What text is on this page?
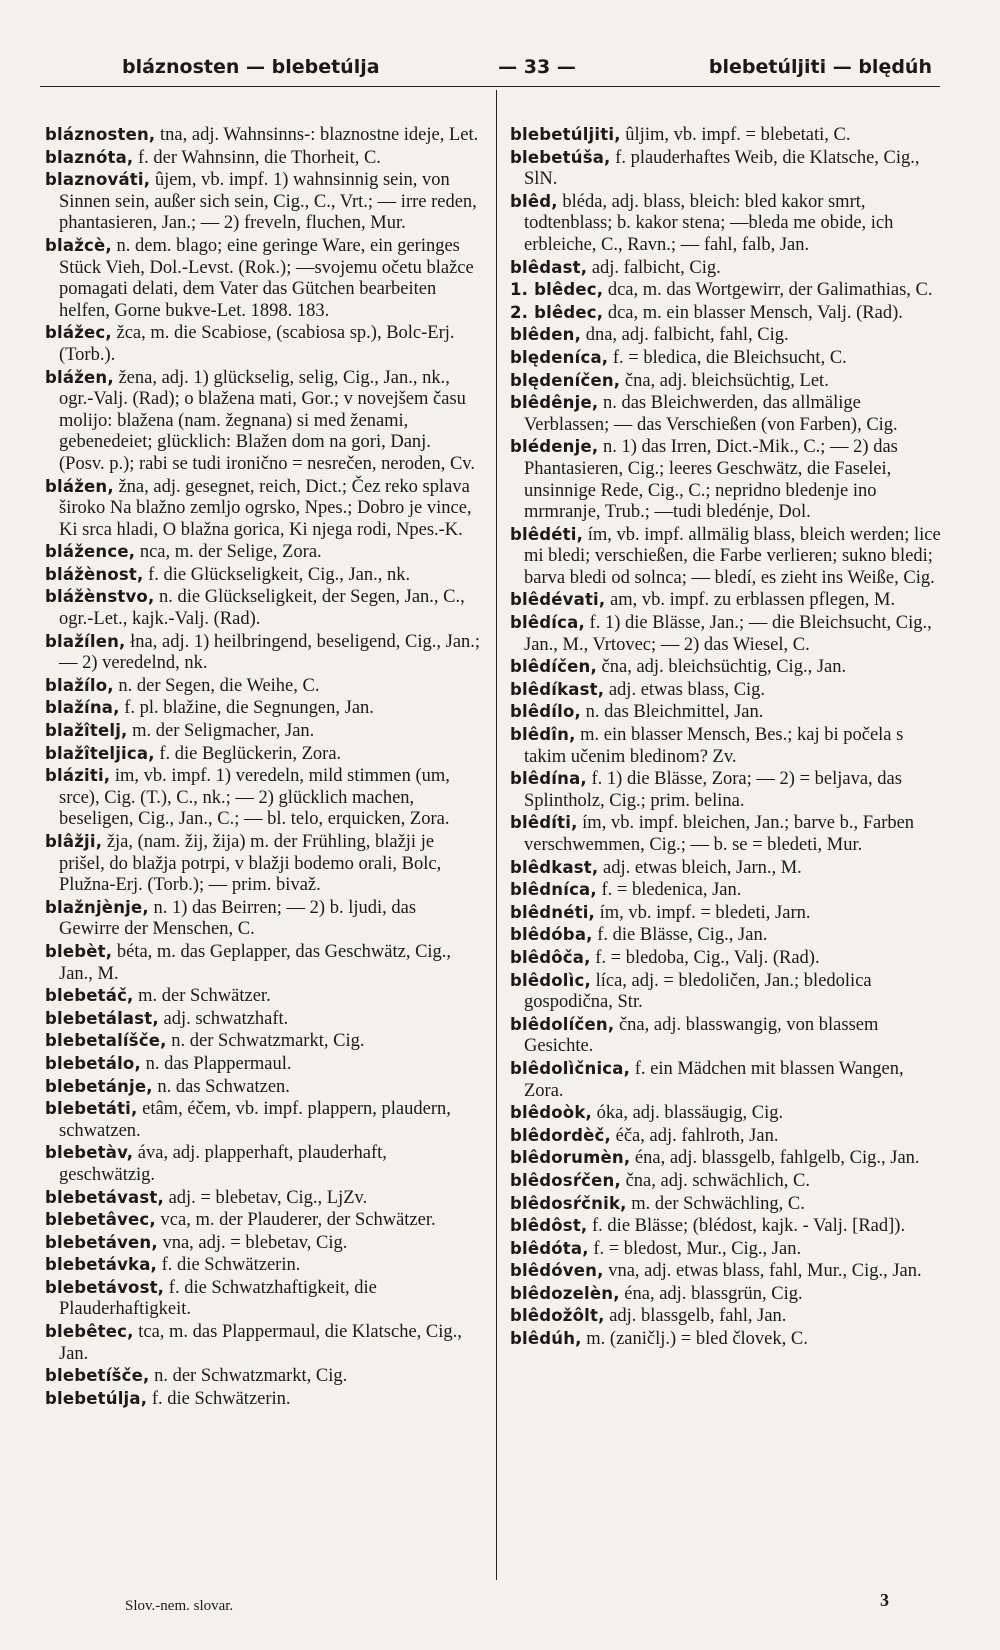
bláznosten — blebetúlja	— 33 —	blebetúljiti — blędúh

bláznosten, tna, adj. Wahnsinns-: blaznostne ideje, Let.

blaznóta, f. der Wahnsinn, die Thorheit, C.

blaznováti, ûjem, vb. impf. 1) wahnsinnig sein, von Sinnen sein, außer sich sein, Cig., C., Vrt.; — irre reden, phantasieren, Jan.; — 2) freveln, fluchen, Mur.

blažcè, n. dem. blago; eine geringe Ware, ein geringes Stück Vieh, Dol.-Levst. (Rok.); —svojemu očetu blažce pomagati delati, dem Vater das Gütchen bearbeiten helfen, Gorne bukve-Let. 1898. 183.

blážec, žca, m. die Scabiose, (scabiosa sp.), Bolc-Erj. (Torb.).

blážen, žena, adj. 1) glückselig, selig, Cig., Jan., nk., ogr.-Valj. (Rad); o blažena mati, Gor.; v novejšem času molijo: blažena (nam. žegnana) si med ženami, gebenedeiet; glücklich: Blažen dom na gori, Danj. (Posv. p.); rabi se tudi ironično = nesrečen, neroden, Cv.

blážen, žna, adj. gesegnet, reich, Dict.; Čez reko splava široko Na blažno zemljo ogrsko, Npes.; Dobro je vince, Ki srca hladi, O blažna gorica, Ki njega rodi, Npes.-K.

blážence, nca, m. der Selige, Zora.

blážènost, f. die Glückseligkeit, Cig., Jan., nk.

blážènstvo, n. die Glückseligkeit, der Segen, Jan., C., ogr.-Let., kajk.-Valj. (Rad).

blažílen, łna, adj. 1) heilbringend, beseligend, Cig., Jan.; — 2) veredelnd, nk.

blažílo, n. der Segen, die Weihe, C.

blažína, f. pl. blažine, die Segnungen, Jan.

blažîtelj, m. der Seligmacher, Jan.

blažîteljica, f. die Beglückerin, Zora.

bláziti, im, vb. impf. 1) veredeln, mild stimmen (um, srce), Cig. (T.), C., nk.; — 2) glücklich machen, beseligen, Cig., Jan., C.; — bl. telo, erquicken, Zora.

blâžji, žja, (nam. žij, žija) m. der Frühling, blažji je prišel, do blažja potrpi, v blažji bodemo orali, Bolc, Plužna-Erj. (Torb.); — prim. bivaž.

blažnjènje, n. 1) das Beirren; — 2) b. ljudi, das Gewirre der Menschen, C.

blebèt, béta, m. das Geplapper, das Geschwätz, Cig., Jan., M.

blebetáč, m. der Schwätzer.

blebetálast, adj. schwatzhaft.

blebetalíšče, n. der Schwatzmarkt, Cig.

blebetálo, n. das Plappermaul.

blebetánje, n. das Schwatzen.

blebetáti, etâm, éčem, vb. impf. plappern, plaudern, schwatzen.

blebetàv, áva, adj. plapperhaft, plauderhaft, geschwätzig.

blebetávast, adj. = blebetav, Cig., LjZv.

blebetâvec, vca, m. der Plauderer, der Schwätzer.

blebetáven, vna, adj. = blebetav, Cig.

blebetávka, f. die Schwätzerin.

blebetávost, f. die Schwatzhaftigkeit, die Plauderhaftigkeit.

blebêtec, tca, m. das Plappermaul, die Klatsche, Cig., Jan.

blebetíšče, n. der Schwatzmarkt, Cig.

blebetúlja, f. die Schwätzerin.

blebetúljiti, ûljim, vb. impf. = blebetati, C.

blebetúša, f. plauderhaftes Weib, die Klatsche, Cig., SlN.

blêd, bléda, adj. blass, bleich: bled kakor smrt, todtenblass; b. kakor stena; —bleda me obide, ich erbleiche, C., Ravn.; — fahl, falb, Jan.

blêdast, adj. falbicht, Cig.

1. blêdec, dca, m. das Wortgewirr, der Galimathias, C.

2. blêdec, dca, m. ein blasser Mensch, Valj. (Rad).

blêden, dna, adj. falbicht, fahl, Cig.

blędeníca, f. = bledica, die Bleichsucht, C.

blędeníčen, čna, adj. bleichsüchtig, Let.

blêdênje, n. das Bleichwerden, das allmälige Verblassen; — das Verschießen (von Farben), Cig.

blédenje, n. 1) das Irren, Dict.-Mik., C.; — 2) das Phantasieren, Cig.; leeres Geschwätz, die Faselei, unsinnige Rede, Cig., C.; nepridno bledenje ino mrmranje, Trub.; —tudi bledénje, Dol.

blêdéti, ím, vb. impf. allmälig blass, bleich werden; lice mi bledi; verschießen, die Farbe verlieren; sukno bledi; barva bledi od solnca; — bledí, es zieht ins Weiße, Cig.

blêdévati, am, vb. impf. zu erblassen pflegen, M.

blêdíca, f. 1) die Blässe, Jan.; — die Bleichsucht, Cig., Jan., M., Vrtovec; — 2) das Wiesel, C.

blêdíčen, čna, adj. bleichsüchtig, Cig., Jan.

blêdíkast, adj. etwas blass, Cig.

blêdílo, n. das Bleichmittel, Jan.

blêdîn, m. ein blasser Mensch, Bes.; kaj bi počela s takim učenim bledinom? Zv.

blêdína, f. 1) die Blässe, Zora; — 2) = beljava, das Splintholz, Cig.; prim. belina.

blêdíti, ím, vb. impf. bleichen, Jan.; barve b., Farben verschwemmen, Cig.; — b. se = bledeti, Mur.

blêdkast, adj. etwas bleich, Jarn., M.

blêdníca, f. = bledenica, Jan.

blêdnéti, ím, vb. impf. = bledeti, Jarn.

blêdóba, f. die Blässe, Cig., Jan.

blêdôča, f. = bledoba, Cig., Valj. (Rad).

blêdolìc, líca, adj. = bledoličen, Jan.; bledolica gospodična, Str.

blêdolíčen, čna, adj. blasswangig, von blassem Gesichte.

blêdolìčnica, f. ein Mädchen mit blassen Wangen, Zora.

blêdoòk, óka, adj. blassäugig, Cig.

blêdordèč, éča, adj. fahlroth, Jan.

blêdorumèn, éna, adj. blassgelb, fahlgelb, Cig., Jan.

blêdosŕčen, čna, adj. schwächlich, C.

blêdosŕčnik, m. der Schwächling, C.

blêdôst, f. die Blässe; (blédost, kajk. - Valj. [Rad]).

blêdóta, f. = bledost, Mur., Cig., Jan.

blêdóven, vna, adj. etwas blass, fahl, Mur., Cig., Jan.

blêdozelèn, éna, adj. blassgrün, Cig.

blêdožôlt, adj. blassgelb, fahl, Jan.

blêdúh, m. (zaničlj.) = bled človek, C.

Slov.-nem. slovar.	3
